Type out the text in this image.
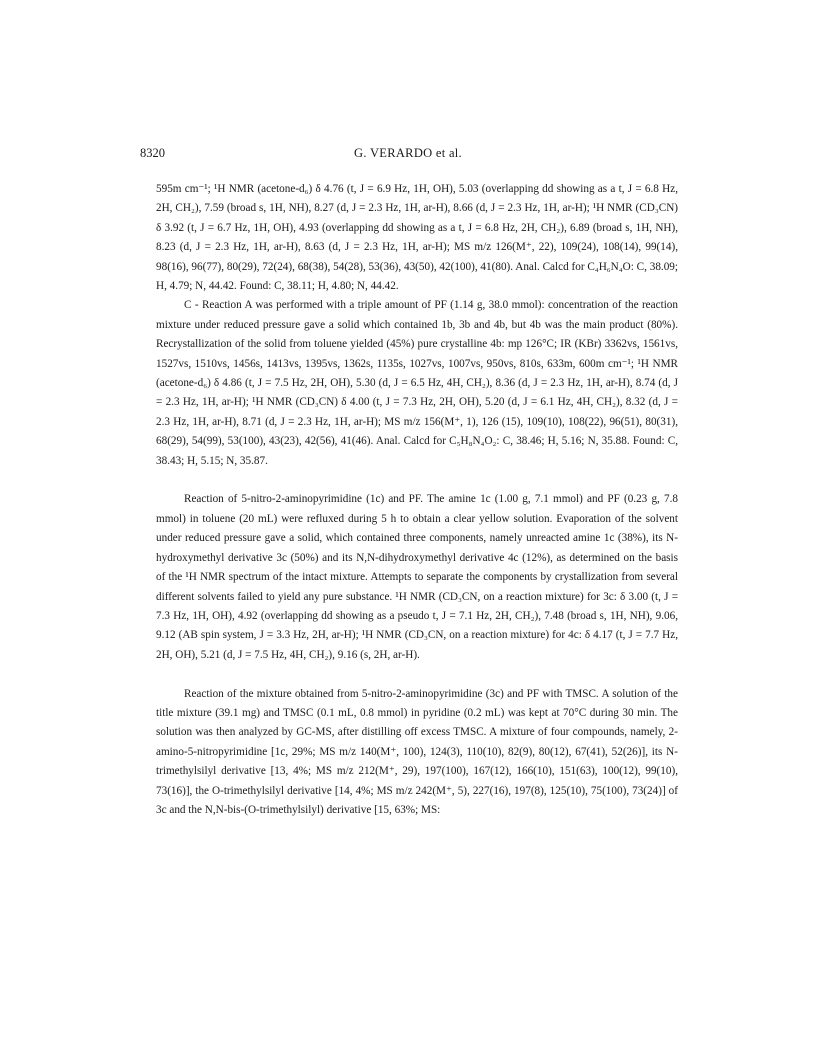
8320	G. VERARDO et al.

595m cm⁻¹; ¹H NMR (acetone-d₆) δ 4.76 (t, J = 6.9 Hz, 1H, OH), 5.03 (overlapping dd showing as a t, J = 6.8 Hz, 2H, CH₂), 7.59 (broad s, 1H, NH), 8.27 (d, J = 2.3 Hz, 1H, ar-H), 8.66 (d, J = 2.3 Hz, 1H, ar-H); ¹H NMR (CD₃CN) δ 3.92 (t, J = 6.7 Hz, 1H, OH), 4.93 (overlapping dd showing as a t, J = 6.8 Hz, 2H, CH₂), 6.89 (broad s, 1H, NH), 8.23 (d, J = 2.3 Hz, 1H, ar-H), 8.63 (d, J = 2.3 Hz, 1H, ar-H); MS m/z 126(M⁺, 22), 109(24), 108(14), 99(14), 98(16), 96(77), 80(29), 72(24), 68(38), 54(28), 53(36), 43(50), 42(100), 41(80). Anal. Calcd for C₄H₆N₄O: C, 38.09; H, 4.79; N, 44.42. Found: C, 38.11; H, 4.80; N, 44.42.

C - Reaction A was performed with a triple amount of PF (1.14 g, 38.0 mmol): concentration of the reaction mixture under reduced pressure gave a solid which contained 1b, 3b and 4b, but 4b was the main product (80%). Recrystallization of the solid from toluene yielded (45%) pure crystalline 4b: mp 126°C; IR (KBr) 3362vs, 1561vs, 1527vs, 1510vs, 1456s, 1413vs, 1395vs, 1362s, 1135s, 1027vs, 1007vs, 950vs, 810s, 633m, 600m cm⁻¹; ¹H NMR (acetone-d₆) δ 4.86 (t, J = 7.5 Hz, 2H, OH), 5.30 (d, J = 6.5 Hz, 4H, CH₂), 8.36 (d, J = 2.3 Hz, 1H, ar-H), 8.74 (d, J = 2.3 Hz, 1H, ar-H); ¹H NMR (CD₃CN) δ 4.00 (t, J = 7.3 Hz, 2H, OH), 5.20 (d, J = 6.1 Hz, 4H, CH₂), 8.32 (d, J = 2.3 Hz, 1H, ar-H), 8.71 (d, J = 2.3 Hz, 1H, ar-H); MS m/z 156(M⁺, 1), 126 (15), 109(10), 108(22), 96(51), 80(31), 68(29), 54(99), 53(100), 43(23), 42(56), 41(46). Anal. Calcd for C₅H₈N₄O₂: C, 38.46; H, 5.16; N, 35.88. Found: C, 38.43; H, 5.15; N, 35.87.

Reaction of 5-nitro-2-aminopyrimidine (1c) and PF. The amine 1c (1.00 g, 7.1 mmol) and PF (0.23 g, 7.8 mmol) in toluene (20 mL) were refluxed during 5 h to obtain a clear yellow solution. Evaporation of the solvent under reduced pressure gave a solid, which contained three components, namely unreacted amine 1c (38%), its N-hydroxymethyl derivative 3c (50%) and its N,N-dihydroxymethyl derivative 4c (12%), as determined on the basis of the ¹H NMR spectrum of the intact mixture. Attempts to separate the components by crystallization from several different solvents failed to yield any pure substance. ¹H NMR (CD₃CN, on a reaction mixture) for 3c: δ 3.00 (t, J = 7.3 Hz, 1H, OH), 4.92 (overlapping dd showing as a pseudo t, J = 7.1 Hz, 2H, CH₂), 7.48 (broad s, 1H, NH), 9.06, 9.12 (AB spin system, J = 3.3 Hz, 2H, ar-H); ¹H NMR (CD₃CN, on a reaction mixture) for 4c: δ 4.17 (t, J = 7.7 Hz, 2H, OH), 5.21 (d, J = 7.5 Hz, 4H, CH₂), 9.16 (s, 2H, ar-H).

Reaction of the mixture obtained from 5-nitro-2-aminopyrimidine (3c) and PF with TMSC. A solution of the title mixture (39.1 mg) and TMSC (0.1 mL, 0.8 mmol) in pyridine (0.2 mL) was kept at 70°C during 30 min. The solution was then analyzed by GC-MS, after distilling off excess TMSC. A mixture of four compounds, namely, 2-amino-5-nitropyrimidine [1c, 29%; MS m/z 140(M⁺, 100), 124(3), 110(10), 82(9), 80(12), 67(41), 52(26)], its N-trimethylsilyl derivative [13, 4%; MS m/z 212(M⁺, 29), 197(100), 167(12), 166(10), 151(63), 100(12), 99(10), 73(16)], the O-trimethylsilyl derivative [14, 4%; MS m/z 242(M⁺, 5), 227(16), 197(8), 125(10), 75(100), 73(24)] of 3c and the N,N-bis-(O-trimethylsilyl) derivative [15, 63%; MS:
